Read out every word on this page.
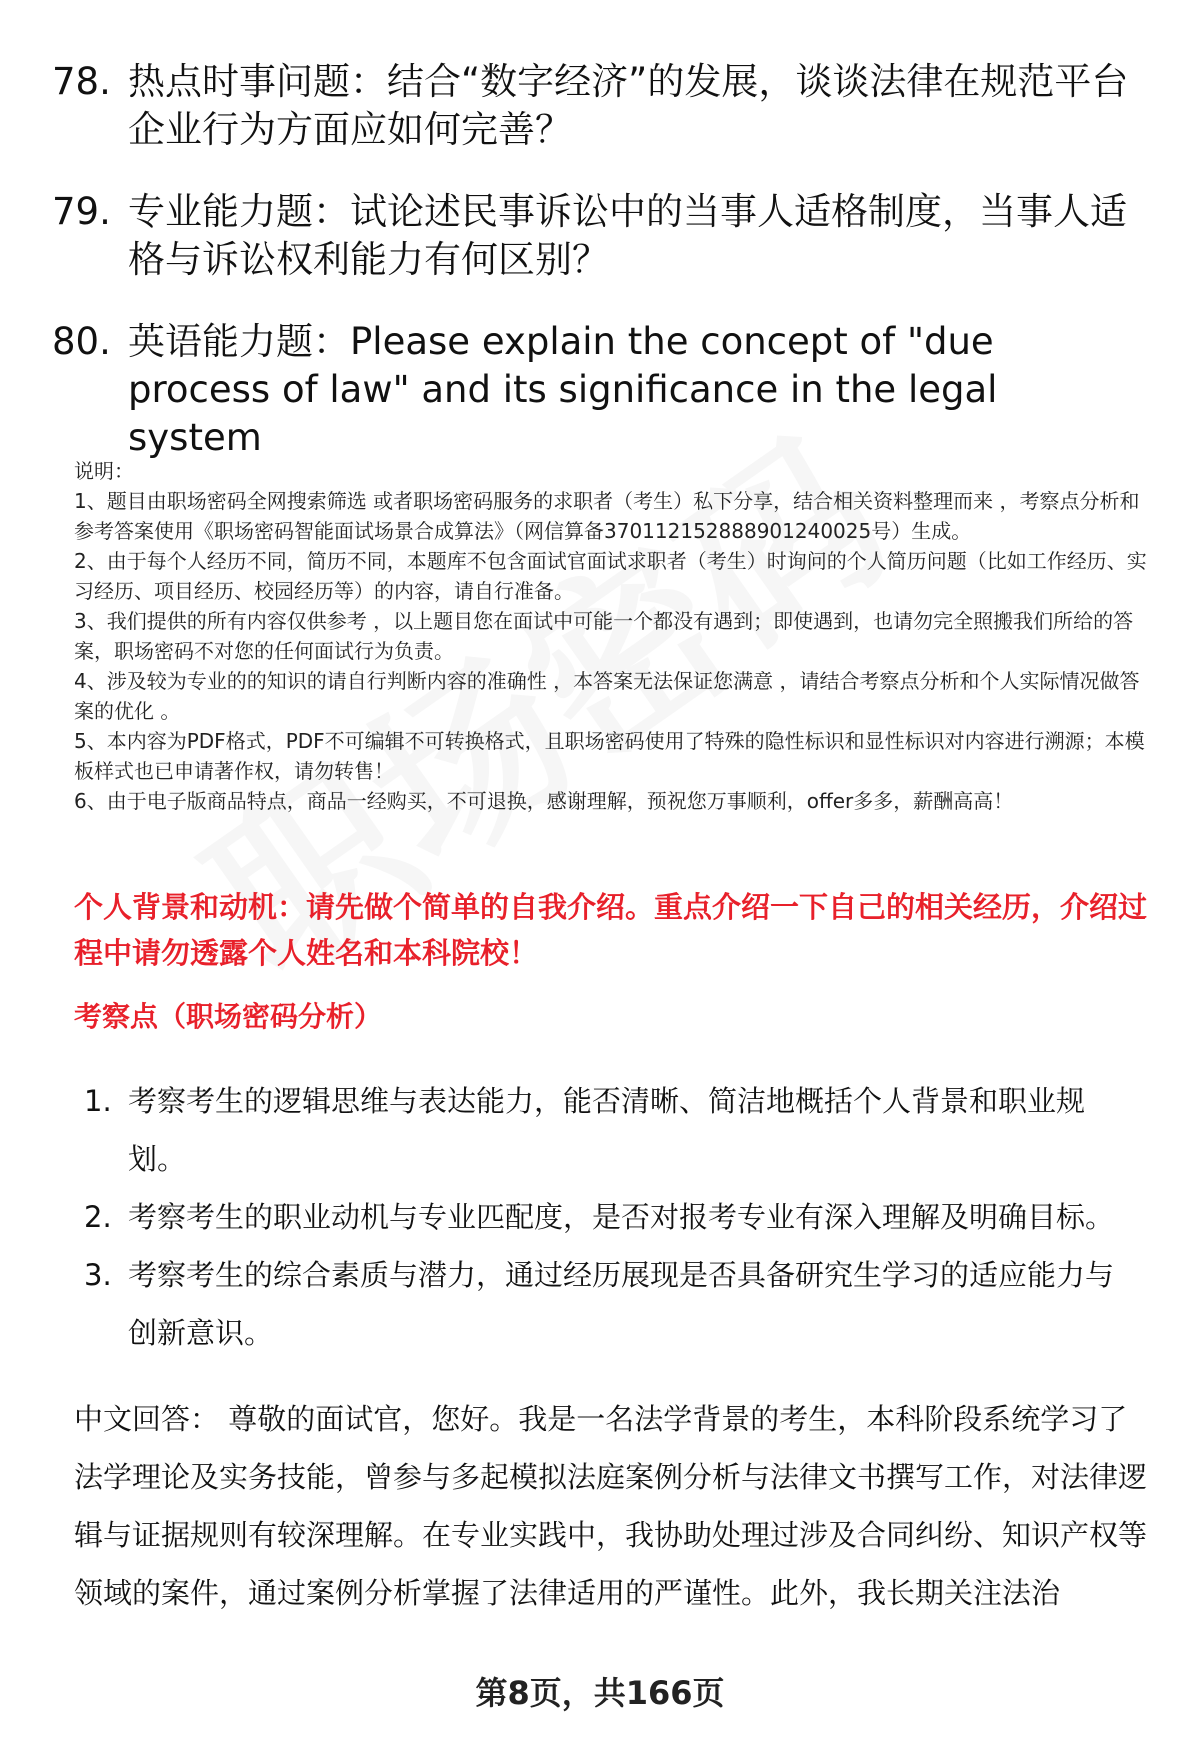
78. 热点时事问题：结合“数字经济”的发展，谈谈法律在规范平台企业行为方面应如何完善？
79. 专业能力题：试论述民事诉讼中的当事人适格制度，当事人适格与诉讼权利能力有何区别？
80. 英语能力题：Please explain the concept of "due process of law" and its significance in the legal system

说明：

1、题目由职场密码全网搜索筛选 或者职场密码服务的求职者（考生）私下分享，结合相关资料整理而来 ，考察点分析和参考答案使用《职场密码智能面试场景合成算法》（网信算备370112152888901240025号）生成。

2、由于每个人经历不同，简历不同，本题库不包含面试官面试求职者（考生）时询问的个人简历问题（比如工作经历、实习经历、项目经历、校园经历等）的内容，请自行准备。

3、我们提供的所有内容仅供参考 ，以上题目您在面试中可能一个都没有遇到；即使遇到，也请勿完全照搬我们所给的答案，职场密码不对您的任何面试行为负责。

4、涉及较为专业的的知识的请自行判断内容的准确性 ，本答案无法保证您满意 ，请结合考察点分析和个人实际情况做答案的优化 。

5、本内容为PDF格式，PDF不可编辑不可转换格式，且职场密码使用了特殊的隐性标识和显性标识对内容进行溯源；本模板样式也已申请著作权，请勿转售！

6、由于电子版商品特点，商品一经购买，不可退换，感谢理解，预祝您万事顺利，offer多多，薪酬高高！

个人背景和动机：请先做个简单的自我介绍。重点介绍一下自己的相关经历，介绍过程中请勿透露个人姓名和本科院校！
考察点（职场密码分析）
1. 考察考生的逻辑思维与表达能力，能否清晰、简洁地概括个人背景和职业规划。
2. 考察考生的职业动机与专业匹配度，是否对报考专业有深入理解及明确目标。
3. 考察考生的综合素质与潜力，通过经历展现是否具备研究生学习的适应能力与创新意识。
中文回答： 尊敬的面试官，您好。我是一名法学背景的考生，本科阶段系统学习了法学理论及实务技能，曾参与多起模拟法庭案例分析与法律文书撰写工作，对法律逻辑与证据规则有较深理解。在专业实践中，我协助处理过涉及合同纠纷、知识产权等领域的案件，通过案例分析掌握了法律适用的严谨性。此外，我长期关注法治
第8页，共166页
